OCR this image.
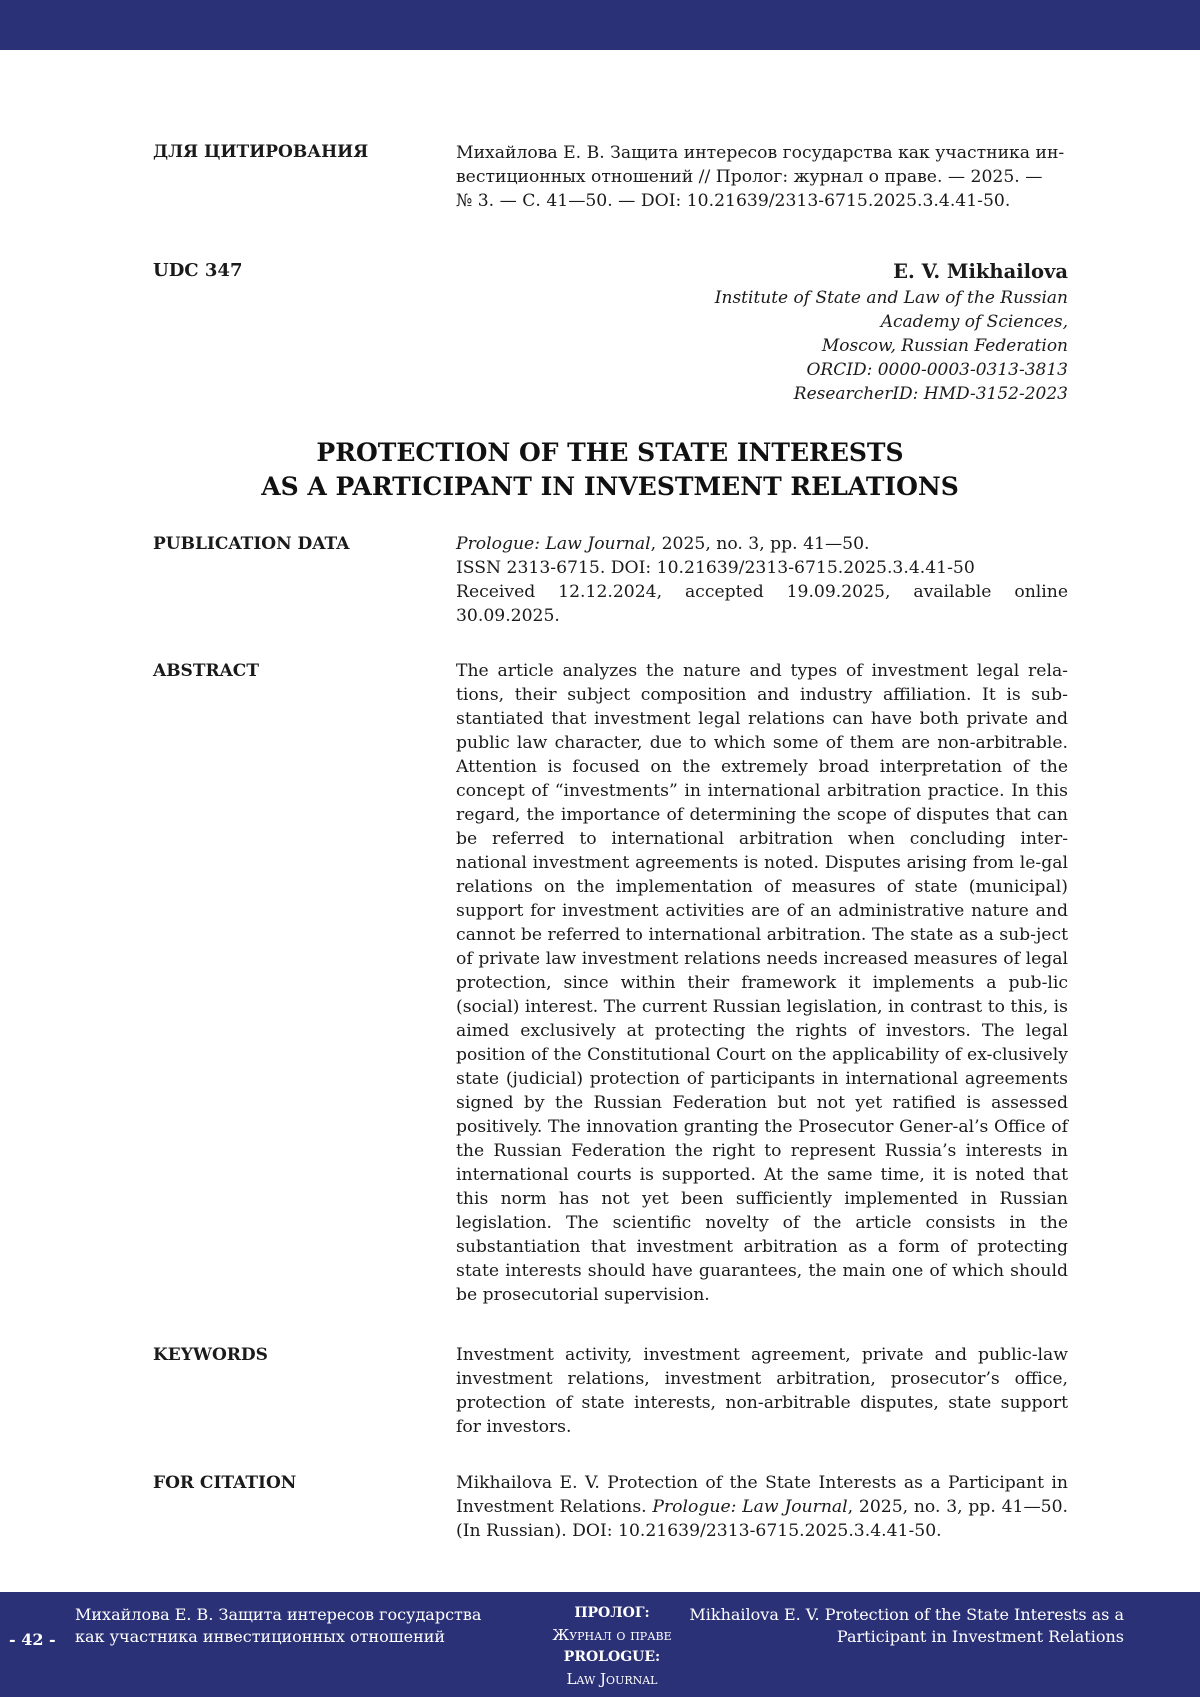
ДЛЯ ЦИТИРОВАНИЯ	Михайлова Е. В. Защита интересов государства как участника ин-
вестиционных отношений // Пролог: журнал о праве. — 2025. —
№ 3. — С. 41—50. — DOI: 10.21639/2313-6715.2025.3.4.41-50.
UDC 347	E. V. Mikhailova
Institute of State and Law of the Russian
Academy of Sciences,
Moscow, Russian Federation
ORCID: 0000-0003-0313-3813
ResearcherID: HMD-3152-2023
PROTECTION OF THE STATE INTERESTS
AS A PARTICIPANT IN INVESTMENT RELATIONS
PUBLICATION DATA	Prologue: Law Journal, 2025, no. 3, pp. 41—50.
ISSN 2313-6715. DOI: 10.21639/2313-6715.2025.3.4.41-50
Received 12.12.2024, accepted 19.09.2025, available online 30.09.2025.
ABSTRACT	The article analyzes the nature and types of investment legal rela-tions, their subject composition and industry affiliation. It is sub-stantiated that investment legal relations can have both private and public law character, due to which some of them are non-arbitrable. Attention is focused on the extremely broad interpretation of the concept of “investments” in international arbitration practice. In this regard, the importance of determining the scope of disputes that can be referred to international arbitration when concluding inter-national investment agreements is noted. Disputes arising from le-gal relations on the implementation of measures of state (municipal) support for investment activities are of an administrative nature and cannot be referred to international arbitration. The state as a sub-ject of private law investment relations needs increased measures of legal protection, since within their framework it implements a pub-lic (social) interest. The current Russian legislation, in contrast to this, is aimed exclusively at protecting the rights of investors. The legal position of the Constitutional Court on the applicability of ex-clusively state (judicial) protection of participants in international agreements signed by the Russian Federation but not yet ratified is assessed positively. The innovation granting the Prosecutor Gener-al’s Office of the Russian Federation the right to represent Russia’s interests in international courts is supported. At the same time, it is noted that this norm has not yet been sufficiently implemented in Russian legislation. The scientific novelty of the article consists in the substantiation that investment arbitration as a form of protecting state interests should have guarantees, the main one of which should be prosecutorial supervision.
KEYWORDS	Investment activity, investment agreement, private and public-law investment relations, investment arbitration, prosecutor’s office, protection of state interests, non-arbitrable disputes, state support for investors.
FOR CITATION	Mikhailova E. V. Protection of the State Interests as a Participant in Investment Relations. Prologue: Law Journal, 2025, no. 3, pp. 41—50. (In Russian). DOI: 10.21639/2313-6715.2025.3.4.41-50.
- 42 -
Михайлова Е. В. Защита интересов государства
как участника инвестиционных отношений
ПРОЛОГ:
Журнал о праве
PROLOGUE:
Law Journal
Mikhailova E. V. Protection of the State Interests as a
Participant in Investment Relations
